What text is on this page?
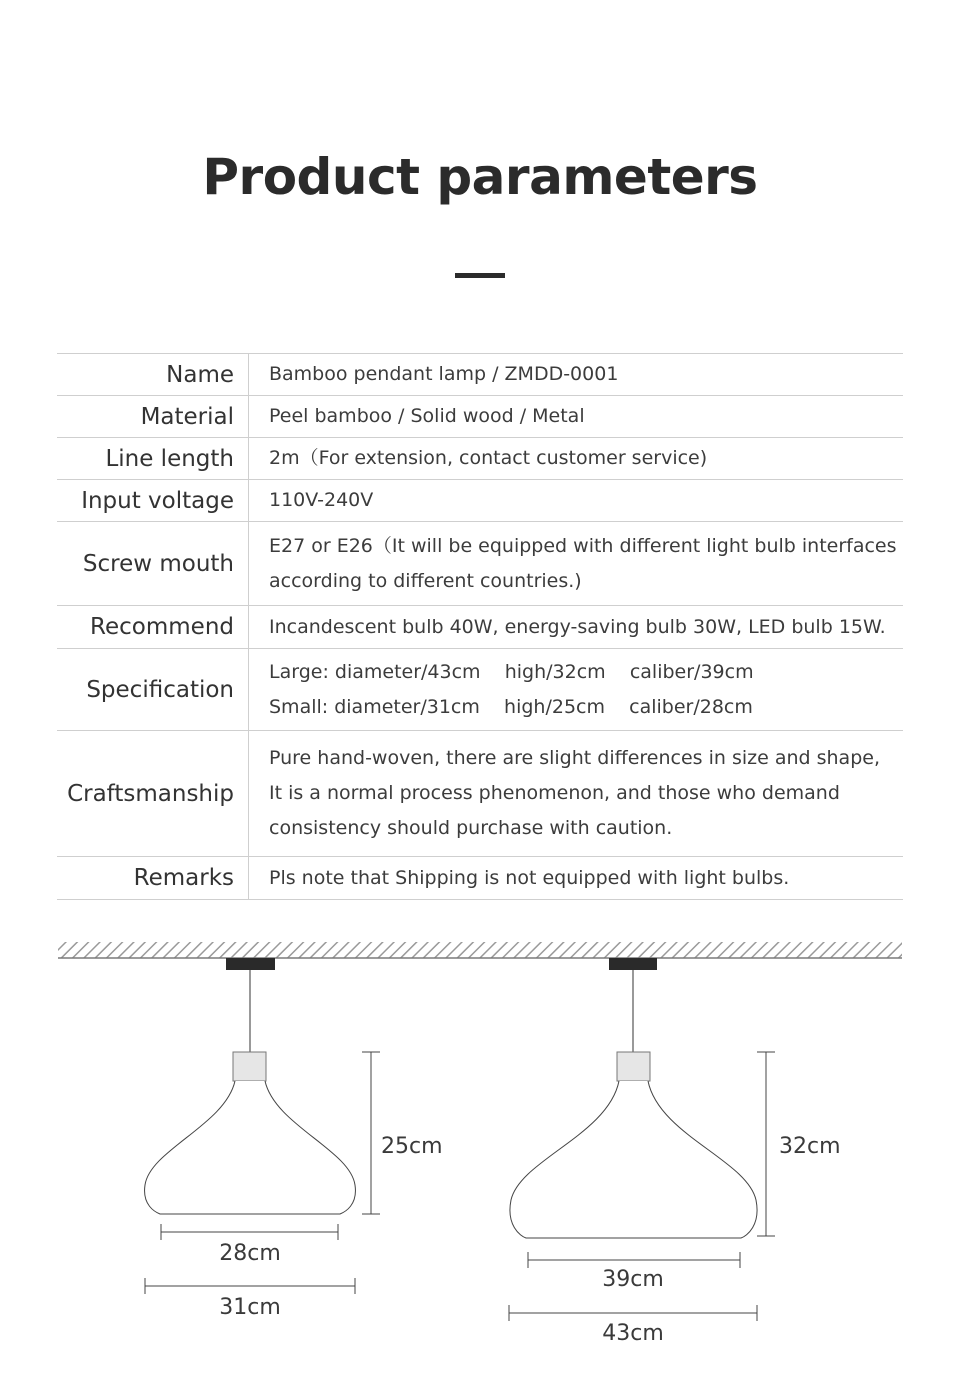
Product parameters
Name	Bamboo pendant lamp / ZMDD-0001

Material	Peel bamboo / Solid wood / Metal

Line length	2m（For extension, contact customer service)

Input voltage	110V-240V

Screw mouth	E27 or E26（It will be equipped with different light bulb interfaces
according to different countries.)

Recommend	Incandescent bulb 40W, energy-saving bulb 30W, LED bulb 15W.

Specification	Large: diameter/43cm    high/32cm    caliber/39cm
Small: diameter/31cm    high/25cm    caliber/28cm

Craftsmanship	Pure hand-woven, there are slight differences in size and shape,
It is a normal process phenomenon, and those who demand
consistency should purchase with caution.

Remarks	Pls note that Shipping is not equipped with light bulbs.
25cm
28cm
31cm
32cm
39cm
43cm
